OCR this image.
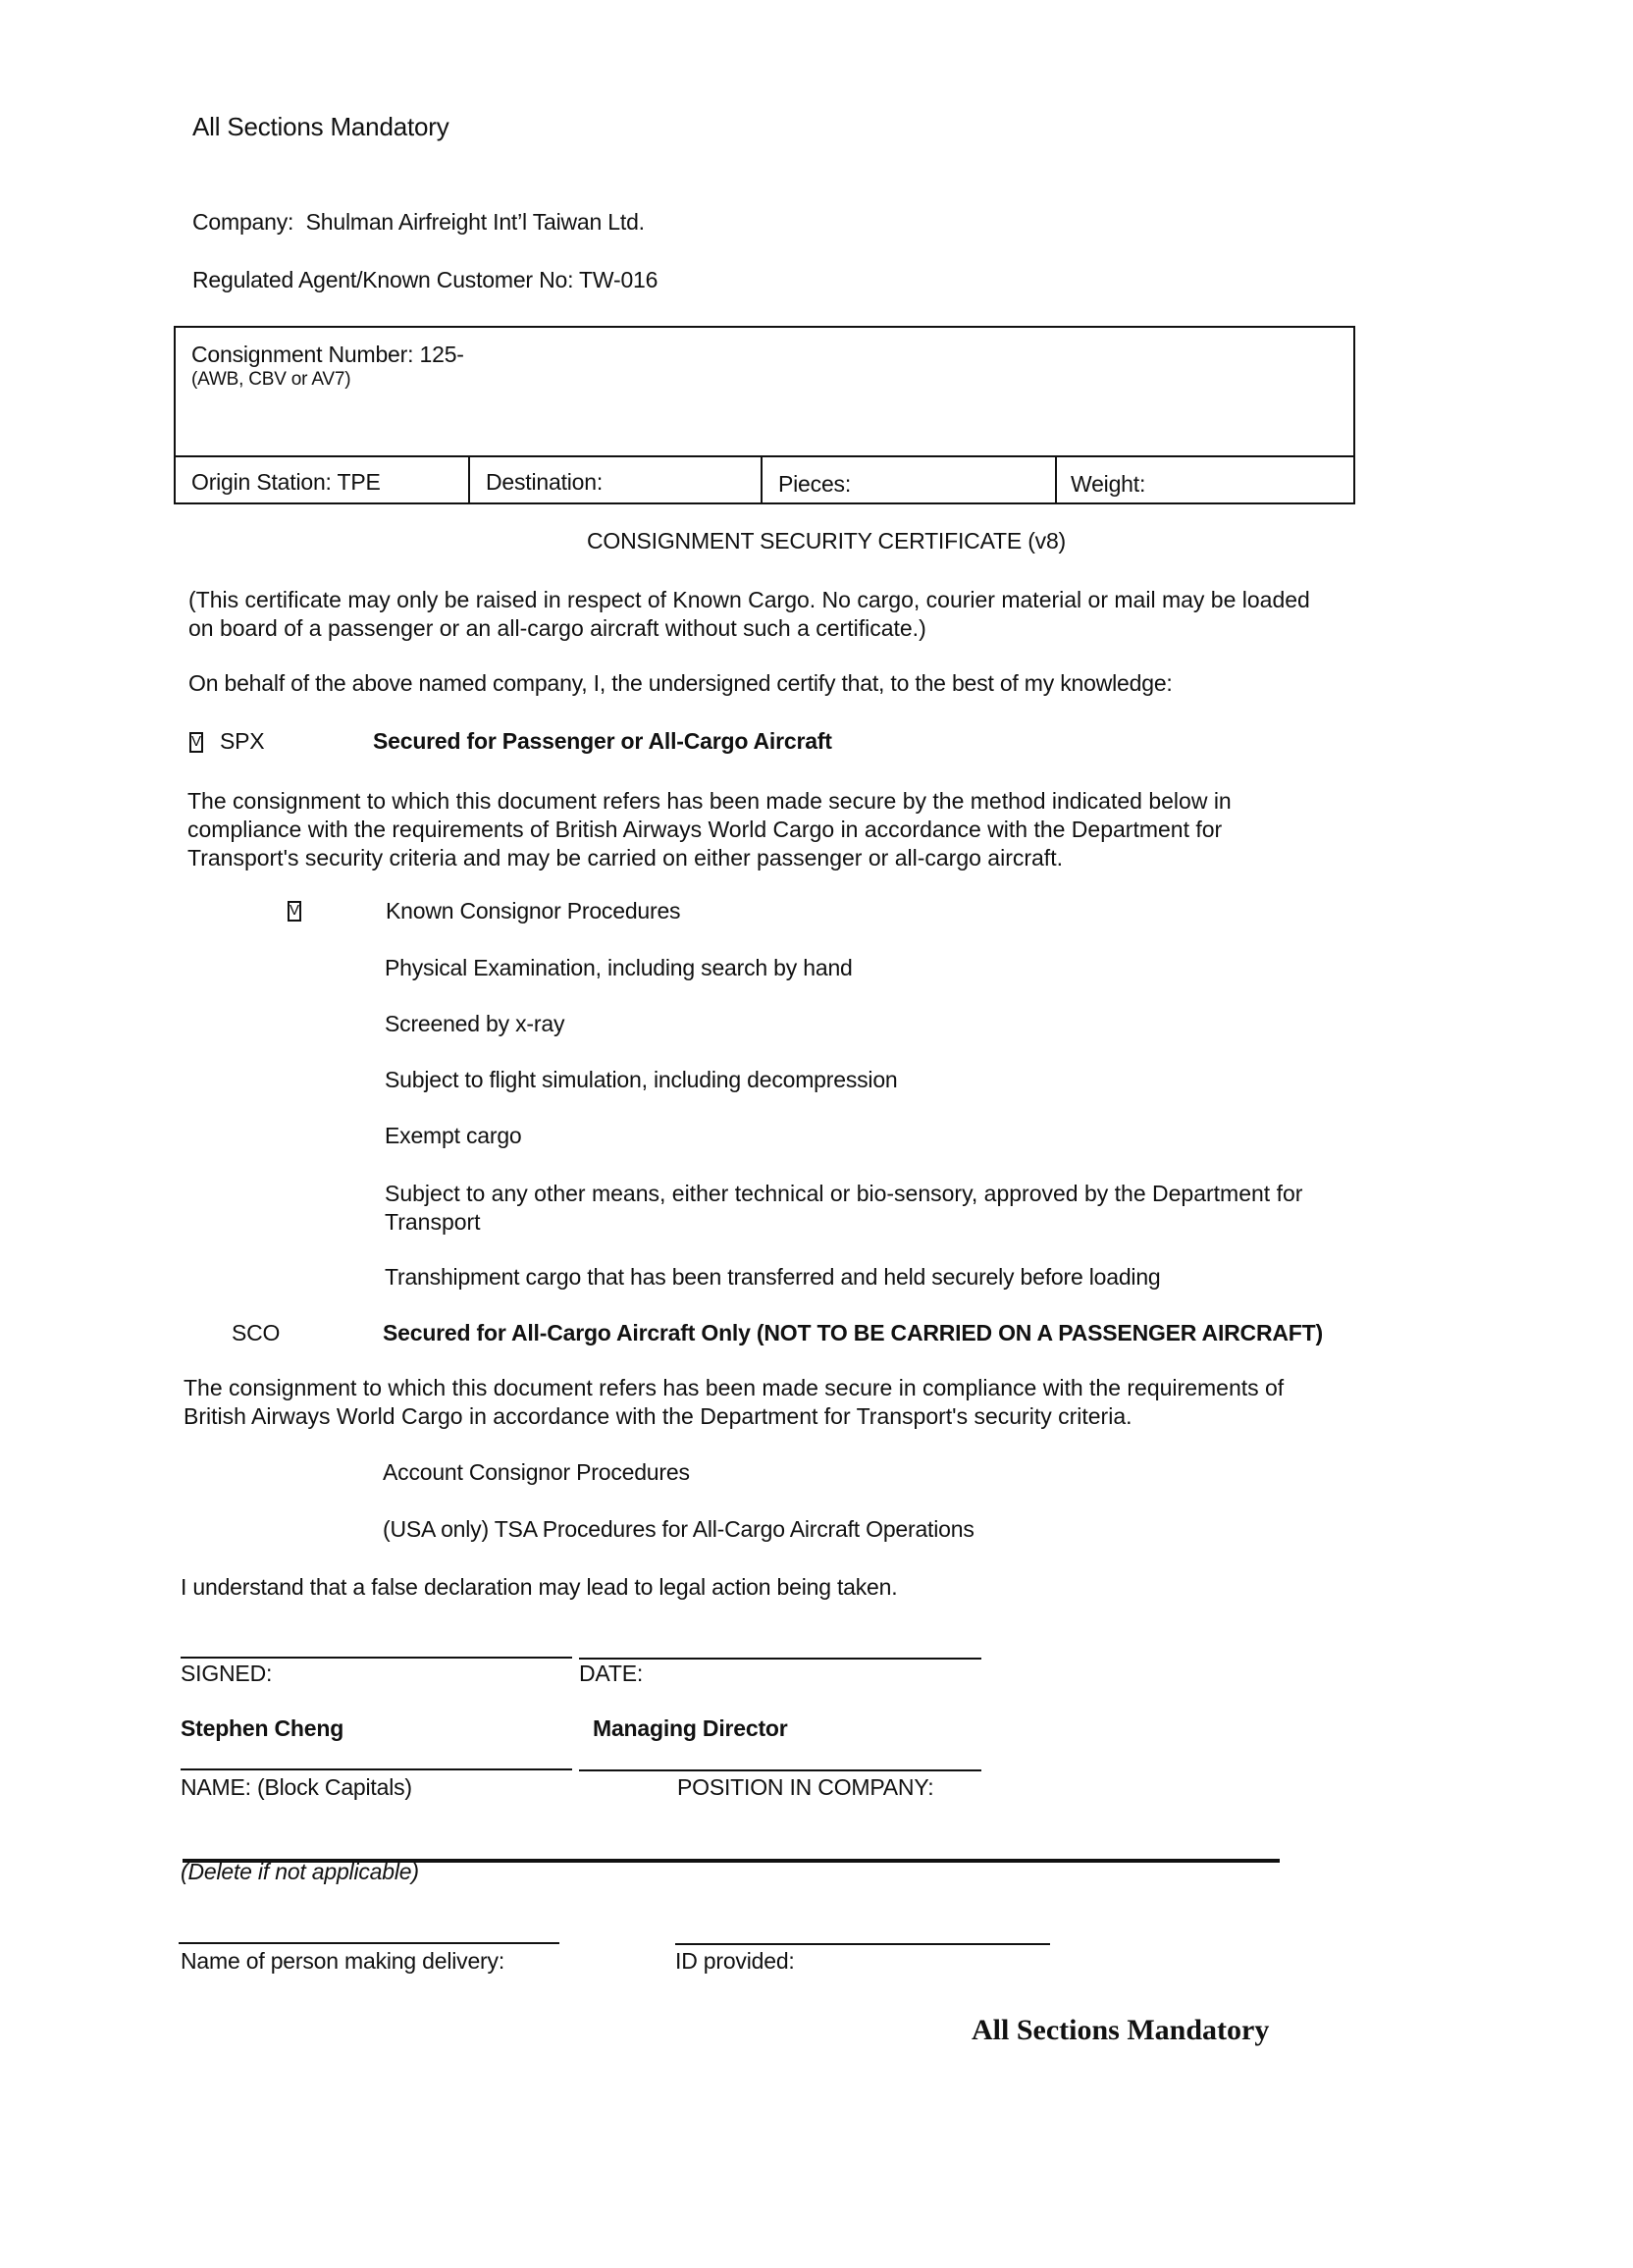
All Sections Mandatory
Company: Shulman Airfreight Int’l Taiwan Ltd.
Regulated Agent/Known Customer No: TW-016
Consignment Number: 125-
(AWB, CBV or AV7)
Origin Station: TPE	Destination:	Pieces:	Weight:
CONSIGNMENT SECURITY CERTIFICATE (v8)
(This certificate may only be raised in respect of Known Cargo. No cargo, courier material or mail may be loaded
on board of a passenger or an all-cargo aircraft without such a certificate.)
On behalf of the above named company, I, the undersigned certify that, to the best of my knowledge:
V SPX	Secured for Passenger or All-Cargo Aircraft
The consignment to which this document refers has been made secure by the method indicated below in
compliance with the requirements of British Airways World Cargo in accordance with the Department for
Transport's security criteria and may be carried on either passenger or all-cargo aircraft.
V	Known Consignor Procedures
Physical Examination, including search by hand
Screened by x-ray
Subject to flight simulation, including decompression
Exempt cargo
Subject to any other means, either technical or bio-sensory, approved by the Department for
Transport
Transhipment cargo that has been transferred and held securely before loading
SCO	Secured for All-Cargo Aircraft Only (NOT TO BE CARRIED ON A PASSENGER AIRCRAFT)
The consignment to which this document refers has been made secure in compliance with the requirements of
British Airways World Cargo in accordance with the Department for Transport's security criteria.
Account Consignor Procedures
(USA only) TSA Procedures for All-Cargo Aircraft Operations
I understand that a false declaration may lead to legal action being taken.
SIGNED:	DATE:
Stephen Cheng	Managing Director
NAME: (Block Capitals)	POSITION IN COMPANY:
(Delete if not applicable)
Name of person making delivery:	ID provided:
All Sections Mandatory
